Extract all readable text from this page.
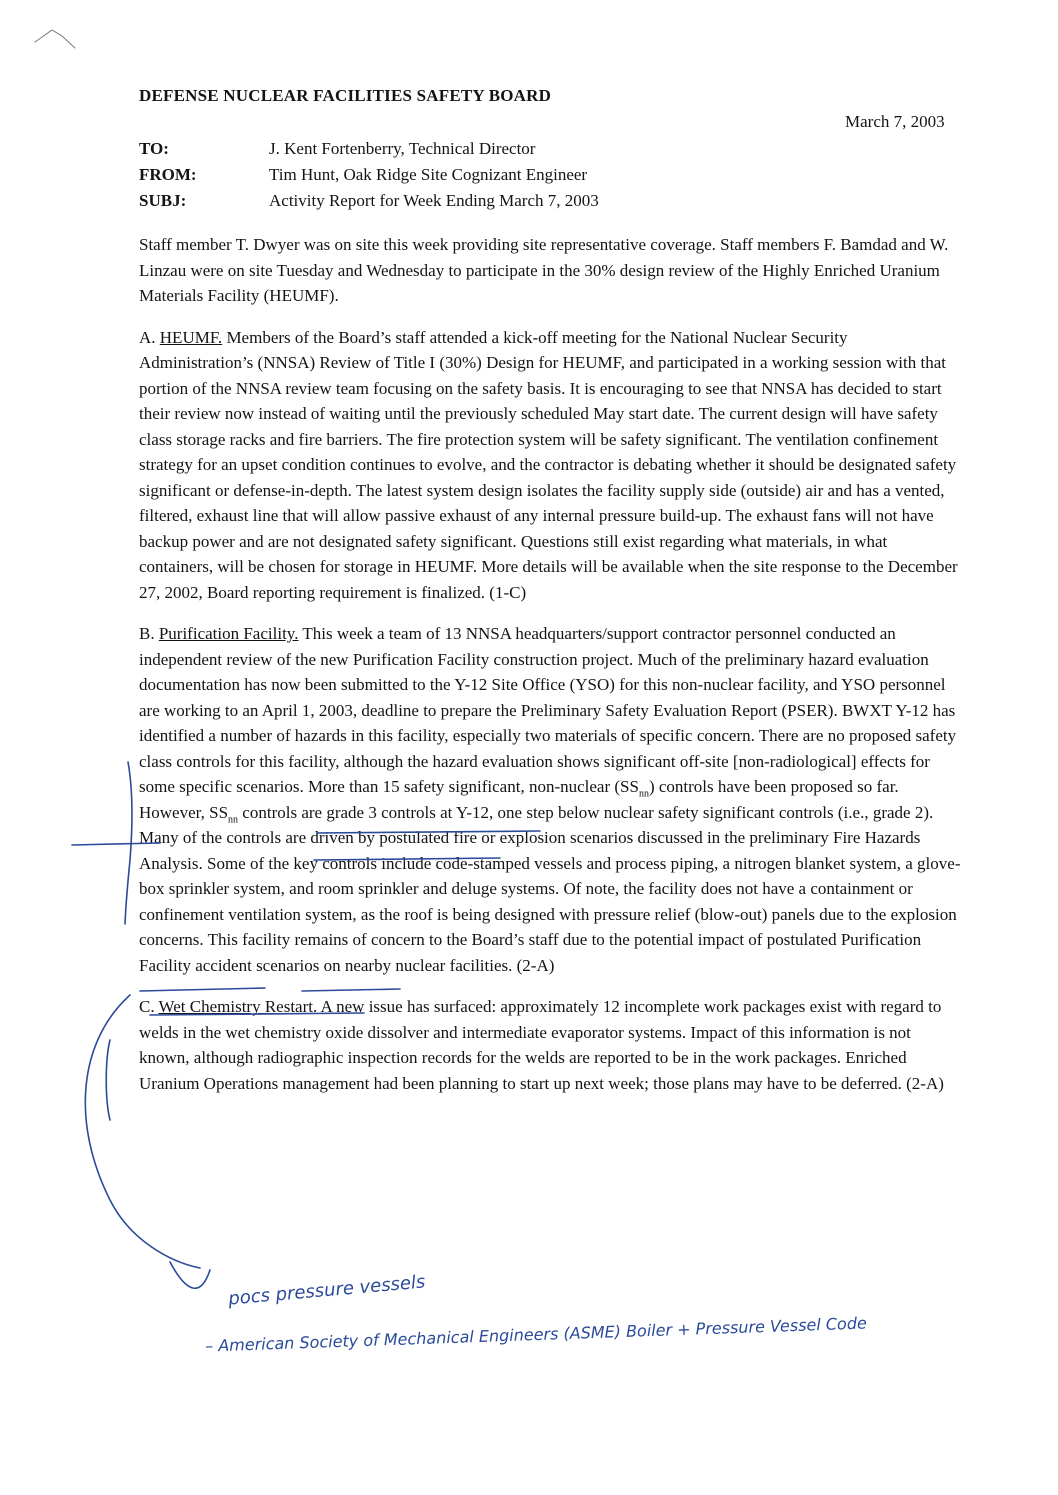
DEFENSE NUCLEAR FACILITIES SAFETY BOARD
March 7, 2003
TO:	J. Kent Fortenberry, Technical Director
FROM:	Tim Hunt, Oak Ridge Site Cognizant Engineer
SUBJ:	Activity Report for Week Ending March 7, 2003

Staff member T. Dwyer was on site this week providing site representative coverage. Staff members F. Bamdad and W. Linzau were on site Tuesday and Wednesday to participate in the 30% design review of the Highly Enriched Uranium Materials Facility (HEUMF).

A. HEUMF. Members of the Board’s staff attended a kick-off meeting for the National Nuclear Security Administration’s (NNSA) Review of Title I (30%) Design for HEUMF, and participated in a working session with that portion of the NNSA review team focusing on the safety basis. It is encouraging to see that NNSA has decided to start their review now instead of waiting until the previously scheduled May start date. The current design will have safety class storage racks and fire barriers. The fire protection system will be safety significant. The ventilation confinement strategy for an upset condition continues to evolve, and the contractor is debating whether it should be designated safety significant or defense-in-depth. The latest system design isolates the facility supply side (outside) air and has a vented, filtered, exhaust line that will allow passive exhaust of any internal pressure build-up. The exhaust fans will not have backup power and are not designated safety significant. Questions still exist regarding what materials, in what containers, will be chosen for storage in HEUMF. More details will be available when the site response to the December 27, 2002, Board reporting requirement is finalized. (1-C)

B. Purification Facility. This week a team of 13 NNSA headquarters/support contractor personnel conducted an independent review of the new Purification Facility construction project. Much of the preliminary hazard evaluation documentation has now been submitted to the Y-12 Site Office (YSO) for this non-nuclear facility, and YSO personnel are working to an April 1, 2003, deadline to prepare the Preliminary Safety Evaluation Report (PSER). BWXT Y-12 has identified a number of hazards in this facility, especially two materials of specific concern. There are no proposed safety class controls for this facility, although the hazard evaluation shows significant off-site [non-radiological] effects for some specific scenarios. More than 15 safety significant, non-nuclear $(SS_{nn})$ controls have been proposed so far. However, $SS_{nn}$ controls are grade 3 controls at Y-12, one step below nuclear safety significant controls (i.e., grade 2). Many of the controls are driven by postulated fire or explosion scenarios discussed in the preliminary Fire Hazards Analysis. Some of the key controls include code-stamped vessels and process piping, a nitrogen blanket system, a glove-box sprinkler system, and room sprinkler and deluge systems. Of note, the facility does not have a containment or confinement ventilation system, as the roof is being designed with pressure relief (blow-out) panels due to the explosion concerns. This facility remains of concern to the Board’s staff due to the potential impact of postulated Purification Facility accident scenarios on nearby nuclear facilities. (2-A)

C. Wet Chemistry Restart. A new issue has surfaced: approximately 12 incomplete work packages exist with regard to welds in the wet chemistry oxide dissolver and intermediate evaporator systems. Impact of this information is not known, although radiographic inspection records for the welds are reported to be in the work packages. Enriched Uranium Operations management had been planning to start up next week; those plans may have to be deferred. (2-A)

pocs pressure vessels
– American Society of Mechanical Engineers (ASME) Boiler + Pressure Vessel Code
